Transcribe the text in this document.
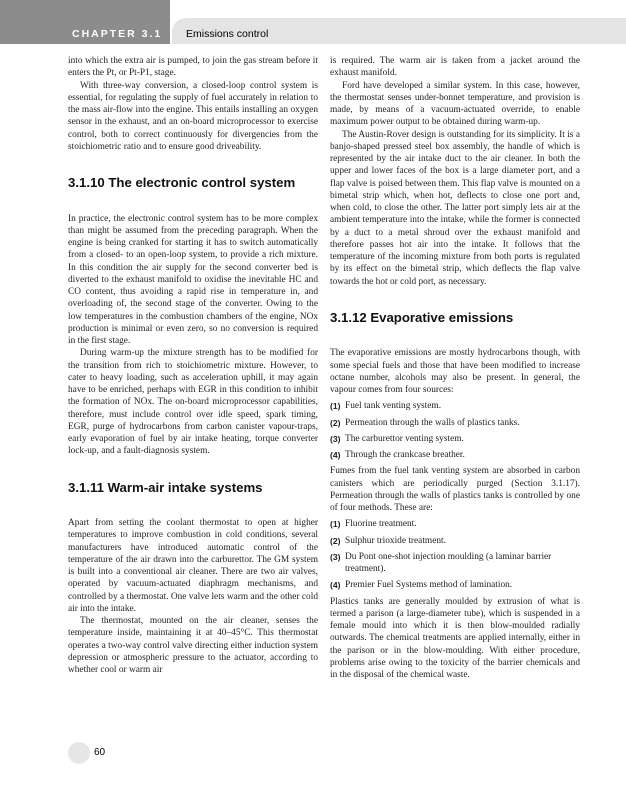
CHAPTER 3.1 Emissions control

into which the extra air is pumped, to join the gas stream before it enters the Pt, or Pt-P1, stage.

With three-way conversion, a closed-loop control system is essential, for regulating the supply of fuel accurately in relation to the mass air-flow into the engine. This entails installing an oxygen sensor in the exhaust, and an on-board microprocessor to exercise control, both to correct continuously for divergencies from the stoichiometric ratio and to ensure good driveability.

3.1.10 The electronic control system

In practice, the electronic control system has to be more complex than might be assumed from the preceding paragraph. When the engine is being cranked for starting it has to switch automatically from a closed- to an open-loop system, to provide a rich mixture. In this condition the air supply for the second converter bed is diverted to the exhaust manifold to oxidise the inevitable HC and CO content, thus avoiding a rapid rise in temperature in, and overloading of, the second stage of the converter. Owing to the low temperatures in the combustion chambers of the engine, NOx production is minimal or even zero, so no conversion is required in the first stage.

During warm-up the mixture strength has to be modified for the transition from rich to stoichiometric mixture. However, to cater to heavy loading, such as acceleration uphill, it may again have to be enriched, perhaps with EGR in this condition to inhibit the formation of NOx. The on-board microprocessor capabilities, therefore, must include control over idle speed, spark timing, EGR, purge of hydrocarbons from carbon canister vapour-traps, early evaporation of fuel by air intake heating, torque converter lock-up, and a fault-diagnosis system.

3.1.11 Warm-air intake systems

Apart from setting the coolant thermostat to open at higher temperatures to improve combustion in cold conditions, several manufacturers have introduced automatic control of the temperature of the air drawn into the carburettor. The GM system is built into a conventional air cleaner. There are two air valves, operated by vacuum-actuated diaphragm mechanisms, and controlled by a thermostat. One valve lets warm and the other cold air into the intake.

The thermostat, mounted on the air cleaner, senses the temperature inside, maintaining it at 40–45°C. This thermostat operates a two-way control valve directing either induction system depression or atmospheric pressure to the actuator, according to whether cool or warm air

is required. The warm air is taken from a jacket around the exhaust manifold.

Ford have developed a similar system. In this case, however, the thermostat senses under-bonnet temperature, and provision is made, by means of a vacuum-actuated override, to enable maximum power output to be obtained during warm-up.

The Austin-Rover design is outstanding for its simplicity. It is a banjo-shaped pressed steel box assembly, the handle of which is represented by the air intake duct to the air cleaner. In both the upper and lower faces of the box is a large diameter port, and a flap valve is poised between them. This flap valve is mounted on a bimetal strip which, when hot, deflects to close one port and, when cold, to close the other. The latter port simply lets air at the ambient temperature into the intake, while the former is connected by a duct to a metal shroud over the exhaust manifold and therefore passes hot air into the intake. It follows that the temperature of the incoming mixture from both ports is regulated by its effect on the bimetal strip, which deflects the flap valve towards the hot or cold port, as necessary.

3.1.12 Evaporative emissions

The evaporative emissions are mostly hydrocarbons though, with some special fuels and those that have been modified to increase octane number, alcohols may also be present. In general, the vapour comes from four sources:

(1) Fuel tank venting system.
(2) Permeation through the walls of plastics tanks.
(3) The carburettor venting system.
(4) Through the crankcase breather.

Fumes from the fuel tank venting system are absorbed in carbon canisters which are periodically purged (Section 3.1.17). Permeation through the walls of plastics tanks is controlled by one of four methods. These are:

(1) Fluorine treatment.
(2) Sulphur trioxide treatment.
(3) Du Pont one-shot injection moulding (a laminar barrier treatment).
(4) Premier Fuel Systems method of lamination.

Plastics tanks are generally moulded by extrusion of what is termed a parison (a large-diameter tube), which is suspended in a female mould into which it is then blow-moulded radially outwards. The chemical treatments are applied internally, either in the parison or in the blow-moulding. With either procedure, problems arise owing to the toxicity of the barrier chemicals and in the disposal of the chemical waste.

60
